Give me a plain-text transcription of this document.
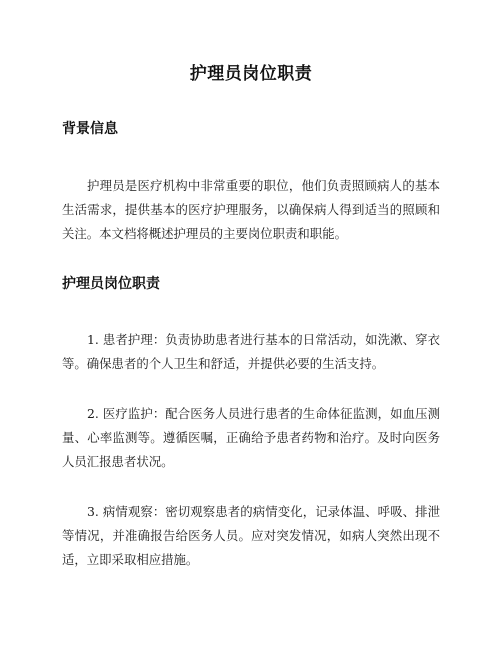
护理员岗位职责
背景信息
护理员是医疗机构中非常重要的职位，他们负责照顾病人的基本生活需求，提供基本的医疗护理服务，以确保病人得到适当的照顾和关注。本文档将概述护理员的主要岗位职责和职能。
护理员岗位职责
1. 患者护理：负责协助患者进行基本的日常活动，如洗漱、穿衣等。确保患者的个人卫生和舒适，并提供必要的生活支持。
2. 医疗监护：配合医务人员进行患者的生命体征监测，如血压测量、心率监测等。遵循医嘱，正确给予患者药物和治疗。及时向医务人员汇报患者状况。
3. 病情观察：密切观察患者的病情变化，记录体温、呼吸、排泄等情况，并准确报告给医务人员。应对突发情况，如病人突然出现不适，立即采取相应措施。
